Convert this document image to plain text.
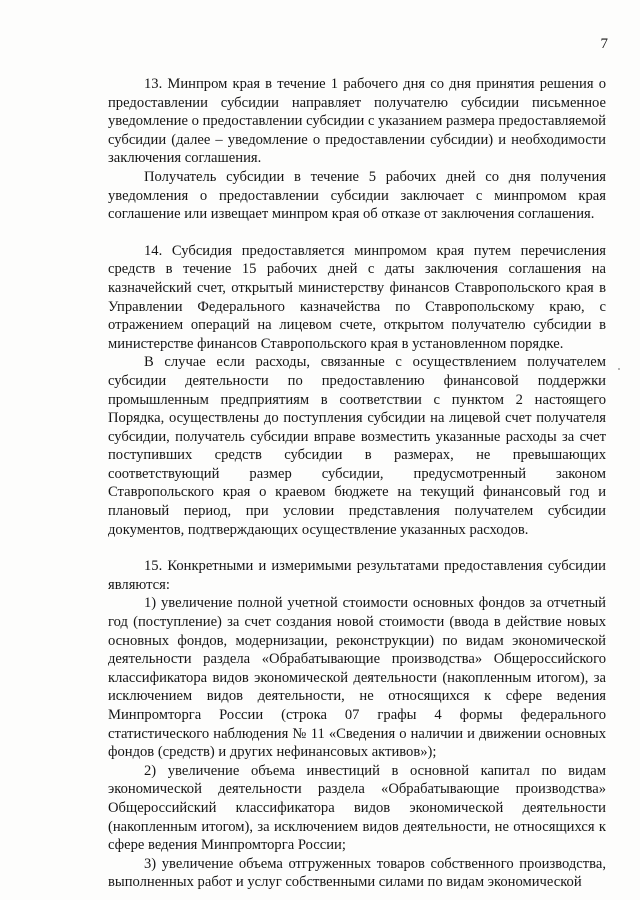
7

13. Минпром края в течение 1 рабочего дня со дня принятия решения о предоставлении субсидии направляет получателю субсидии письменное уведомление о предоставлении субсидии с указанием размера предоставляемой субсидии (далее – уведомление о предоставлении субсидии) и необходимости заключения соглашения.

Получатель субсидии в течение 5 рабочих дней со дня получения уведомления о предоставлении субсидии заключает с минпромом края соглашение или извещает минпром края об отказе от заключения соглашения.

14. Субсидия предоставляется минпромом края путем перечисления средств в течение 15 рабочих дней с даты заключения соглашения на казначейский счет, открытый министерству финансов Ставропольского края в Управлении Федерального казначейства по Ставропольскому краю, с отражением операций на лицевом счете, открытом получателю субсидии в министерстве финансов Ставропольского края в установленном порядке.

В случае если расходы, связанные с осуществлением получателем субсидии деятельности по предоставлению финансовой поддержки промышленным предприятиям в соответствии с пунктом 2 настоящего Порядка, осуществлены до поступления субсидии на лицевой счет получателя субсидии, получатель субсидии вправе возместить указанные расходы за счет поступивших средств субсидии в размерах, не превышающих соответствующий размер субсидии, предусмотренный законом Ставропольского края о краевом бюджете на текущий финансовый год и плановый период, при условии представления получателем субсидии документов, подтверждающих осуществление указанных расходов.

15. Конкретными и измеримыми результатами предоставления субсидии являются:

1) увеличение полной учетной стоимости основных фондов за отчетный год (поступление) за счет создания новой стоимости (ввода в действие новых основных фондов, модернизации, реконструкции) по видам экономической деятельности раздела «Обрабатывающие производства» Общероссийского классификатора видов экономической деятельности (накопленным итогом), за исключением видов деятельности, не относящихся к сфере ведения Минпромторга России (строка 07 графы 4 формы федерального статистического наблюдения № 11 «Сведения о наличии и движении основных фондов (средств) и других нефинансовых активов»);

2) увеличение объема инвестиций в основной капитал по видам экономической деятельности раздела «Обрабатывающие производства» Общероссийский классификатора видов экономической деятельности (накопленным итогом), за исключением видов деятельности, не относящихся к сфере ведения Минпромторга России;

3) увеличение объема отгруженных товаров собственного производства, выполненных работ и услуг собственными силами по видам экономической
